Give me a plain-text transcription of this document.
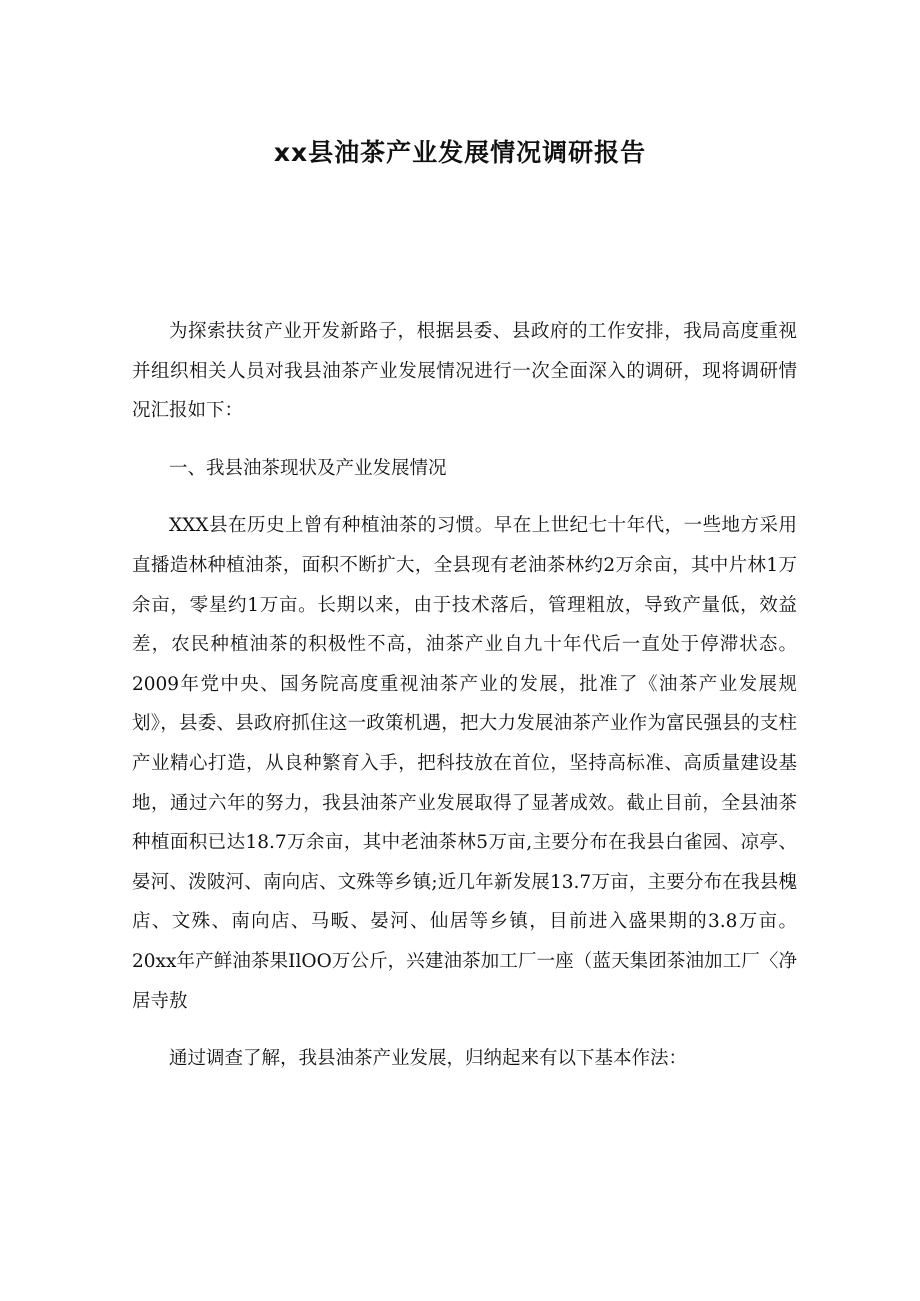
xx县油茶产业发展情况调研报告

为探索扶贫产业开发新路子，根据县委、县政府的工作安排，我局高度重视并组织相关人员对我县油茶产业发展情况进行一次全面深入的调研，现将调研情况汇报如下：

一、我县油茶现状及产业发展情况

XXX县在历史上曾有种植油茶的习惯。早在上世纪七十年代，一些地方采用直播造林种植油茶，面积不断扩大，全县现有老油茶林约2万余亩，其中片林1万余亩，零星约1万亩。长期以来，由于技术落后，管理粗放，导致产量低，效益差，农民种植油茶的积极性不高，油茶产业自九十年代后一直处于停滞状态。2009年党中央、国务院高度重视油茶产业的发展，批准了《油茶产业发展规划》，县委、县政府抓住这一政策机遇，把大力发展油茶产业作为富民强县的支柱产业精心打造，从良种繁育入手，把科技放在首位，坚持高标准、高质量建设基地，通过六年的努力，我县油茶产业发展取得了显著成效。截止目前，全县油茶种植面积已达18.7万余亩，其中老油茶林5万亩,主要分布在我县白雀园、凉亭、晏河、泼陂河、南向店、文殊等乡镇;近几年新发展13.7万亩，主要分布在我县槐店、文殊、南向店、马畈、晏河、仙居等乡镇，目前进入盛果期的3.8万亩。20xx年产鲜油茶果IlOO万公斤，兴建油茶加工厂一座（蓝天集团茶油加工厂〈净居寺敖

通过调查了解，我县油茶产业发展，归纳起来有以下基本作法：
